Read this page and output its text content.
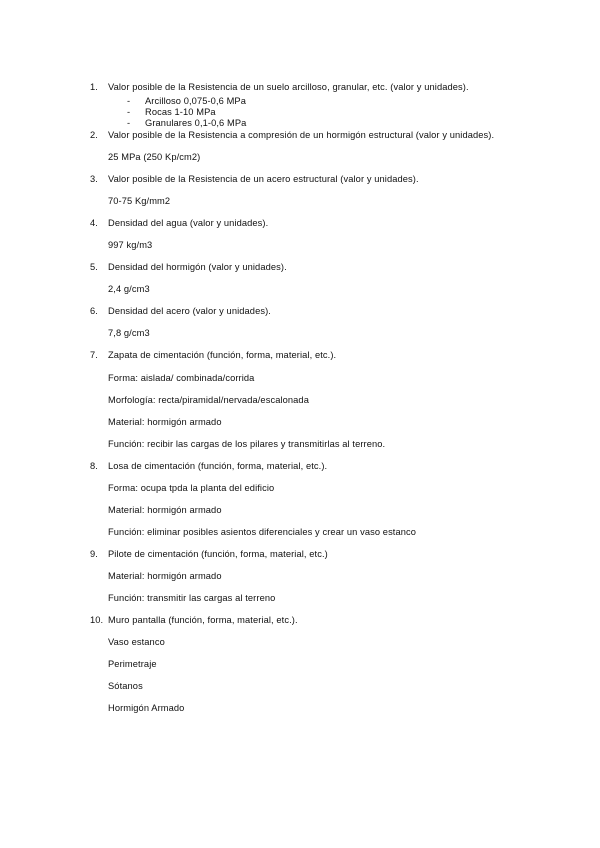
1. Valor posible de la Resistencia de un suelo arcilloso, granular, etc. (valor y unidades).
- Arcilloso 0,075-0,6 MPa
- Rocas 1-10 MPa
- Granulares 0,1-0,6 MPa
2. Valor posible de la Resistencia a compresión de un hormigón estructural (valor y unidades).
25 MPa (250 Kp/cm2)
3. Valor posible de la Resistencia de un acero estructural (valor y unidades).
70-75 Kg/mm2
4. Densidad del agua (valor y unidades).
997 kg/m3
5. Densidad del hormigón (valor y unidades).
2,4 g/cm3
6. Densidad del acero (valor y unidades).
7,8 g/cm3
7. Zapata de cimentación (función, forma, material, etc.).
Forma: aislada/ combinada/corrida
Morfología: recta/piramidal/nervada/escalonada
Material: hormigón armado
Función: recibir las cargas de los pilares y transmitirlas al terreno.
8. Losa de cimentación (función, forma, material, etc.).
Forma: ocupa tpda la planta del edificio
Material: hormigón armado
Función: eliminar posibles asientos diferenciales y crear un vaso estanco
9. Pilote de cimentación (función, forma, material, etc.)
Material: hormigón armado
Función: transmitir las cargas al terreno
10. Muro pantalla (función, forma, material, etc.).
Vaso estanco
Perimetraje
Sótanos
Hormigón Armado
